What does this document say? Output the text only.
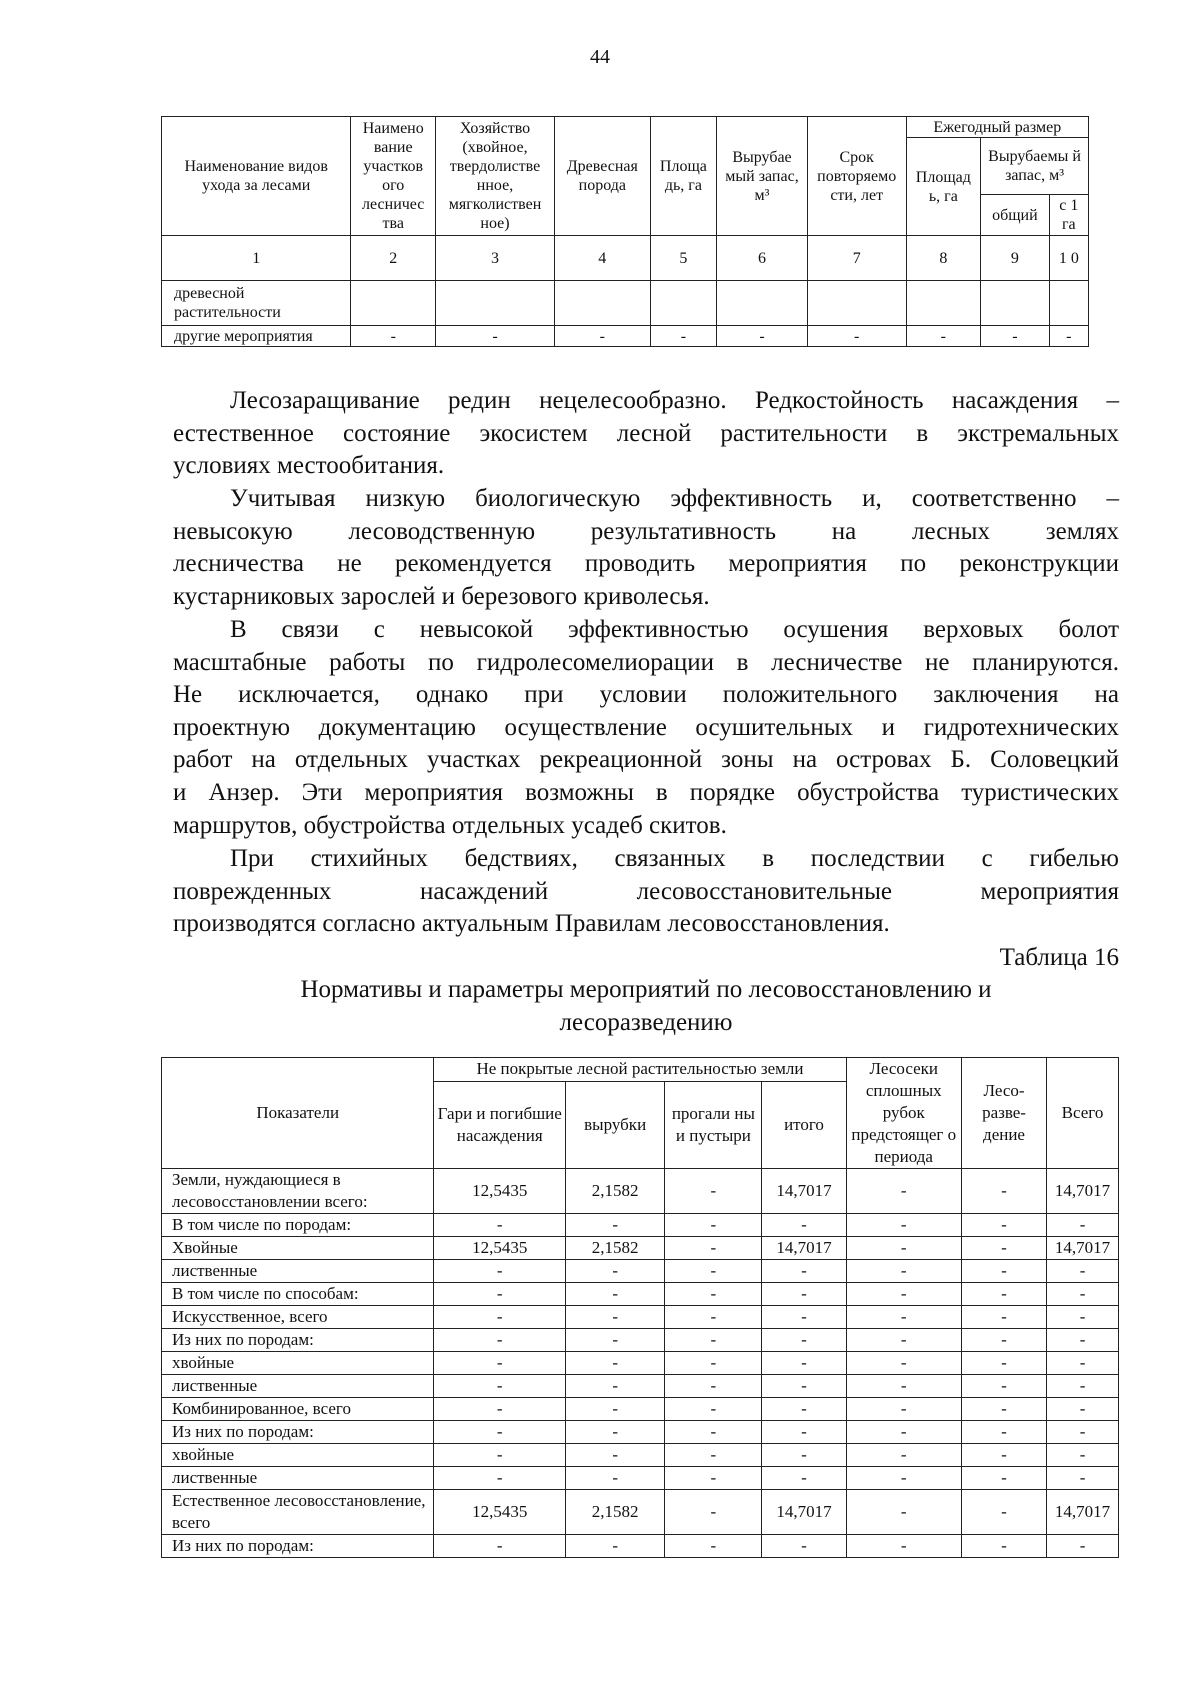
44
Наименование видов ухода за лесами	Наимено вание участков ого лесничес тва	Хозяйство (хвойное, твердолистве нное, мягколиствен ное)	Древесная порода	Площа дь, га	Вырубае мый запас, м³	Срок повторяемо сти, лет	Ежегодный размер		
							Площад ь, га	Вырубаемы й запас, м³	
								общий	с 1 га
1	2	3	4	5	6	7	8	9	1 0
древесной растительности									
другие мероприятия	-	-	-	-	-	-	-	-	-
Лесозаращивание редин нецелесообразно. Редкостойность насаждения –
естественное состояние экосистем лесной растительности в экстремальных
условиях местообитания.
Учитывая низкую биологическую эффективность и, соответственно –
невысокую лесоводственную результативность на лесных землях
лесничества не рекомендуется проводить мероприятия по реконструкции
кустарниковых зарослей и березового криволесья.
В связи с невысокой эффективностью осушения верховых болот
масштабные работы по гидролесомелиорации в лесничестве не планируются.
Не исключается, однако при условии положительного заключения на
проектную документацию осуществление осушительных и гидротехнических
работ на отдельных участках рекреационной зоны на островах Б. Соловецкий
и Анзер. Эти мероприятия возможны в порядке обустройства туристических
маршрутов, обустройства отдельных усадеб скитов.
При стихийных бедствиях, связанных в последствии с гибелью
поврежденных насаждений лесовосстановительные мероприятия
производятся согласно актуальным Правилам лесовосстановления.
Таблица 16
Нормативы и параметры мероприятий по лесовосстановлению и
лесоразведению
Показатели	Не покрытые лесной растительностью земли				Лесосеки сплошных рубок предстоящег о периода	Лесо- разве- дение	Всего
	Гари и погибшие насаждения	вырубки	прогали ны и пустыри	итого			
Земли, нуждающиеся в лесовосстановлении всего:	12,5435	2,1582	-	14,7017	-	-	14,7017
В том числе по породам:	-	-	-	-	-	-	-
Хвойные	12,5435	2,1582	-	14,7017	-	-	14,7017
лиственные	-	-	-	-	-	-	-
В том числе по способам:	-	-	-	-	-	-	-
Искусственное, всего	-	-	-	-	-	-	-
Из них по породам:	-	-	-	-	-	-	-
хвойные	-	-	-	-	-	-	-
лиственные	-	-	-	-	-	-	-
Комбинированное, всего	-	-	-	-	-	-	-
Из них по породам:	-	-	-	-	-	-	-
хвойные	-	-	-	-	-	-	-
лиственные	-	-	-	-	-	-	-
Естественное лесовосстановление, всего	12,5435	2,1582	-	14,7017	-	-	14,7017
Из них по породам:	-	-	-	-	-	-	-
